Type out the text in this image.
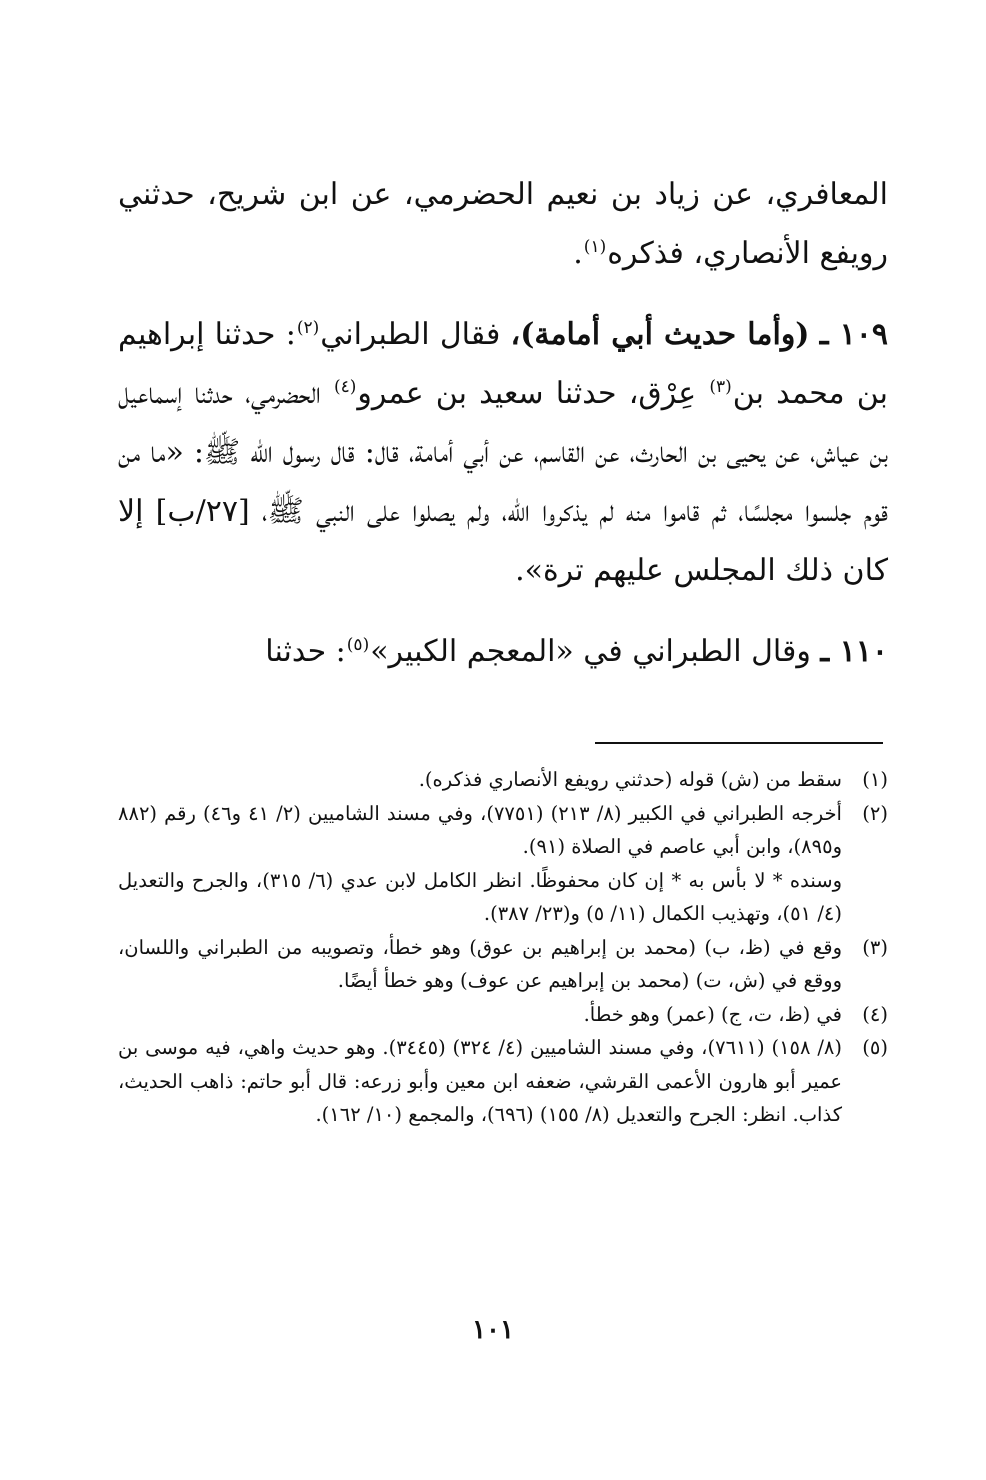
المعافري، عن زياد بن نعيم الحضرمي، عن ابن شريح، حدثني رويفع الأنصاري، فذكره$^{(١)}$.

١٠٩ ـ (وأما حديث أبي أمامة)، فقال الطبراني$^{(٢)}$: حدثنا إبراهيم بن محمد بن$^{(٣)}$ عِرْق، حدثنا سعيد بن عمرو$^{(٤)}$ الحضرمي، حدثنا إسماعيل بن عياش، عن يحيى بن الحارث، عن القاسم، عن أبي أمامة، قال: قال رسول الله ﷺ: «ما من قوم جلسوا مجلسًا، ثم قاموا منه لم يذكروا الله، ولم يصلوا على النبي ﷺ، [٢٧/ب] إلا كان ذلك المجلس عليهم ترة».

١١٠ ـ وقال الطبراني في «المعجم الكبير»$^{(٥)}$: حدثنا

(١)
سقط من (ش) قوله (حدثني رويفع الأنصاري فذكره).
(٢)
أخرجه الطبراني في الكبير (٨/ ٢١٣) (٧٧٥١)، وفي مسند الشاميين (٢/ ٤١ و٤٦) رقم (٨٨٢ و٨٩٥)، وابن أبي عاصم في الصلاة (٩١).
وسنده * لا بأس به * إن كان محفوظًا. انظر الكامل لابن عدي (٦/ ٣١٥)، والجرح والتعديل (٤/ ٥١)، وتهذيب الكمال (١١/ ٥) و(٢٣/ ٣٨٧).
(٣)
وقع في (ظ، ب) (محمد بن إبراهيم بن عوق) وهو خطأ، وتصويبه من الطبراني واللسان، ووقع في (ش، ت) (محمد بن إبراهيم عن عوف) وهو خطأ أيضًا.
(٤)
في (ظ، ت، ج) (عمر) وهو خطأ.
(٥)
(٨/ ١٥٨) (٧٦١١)، وفي مسند الشاميين (٤/ ٣٢٤) (٣٤٤٥). وهو حديث واهي، فيه موسى بن عمير أبو هارون الأعمى القرشي، ضعفه ابن معين وأبو زرعه: قال أبو حاتم: ذاهب الحديث، كذاب. انظر: الجرح والتعديل (٨/ ١٥٥) (٦٩٦)، والمجمع (١٠/ ١٦٢).
١٠١
